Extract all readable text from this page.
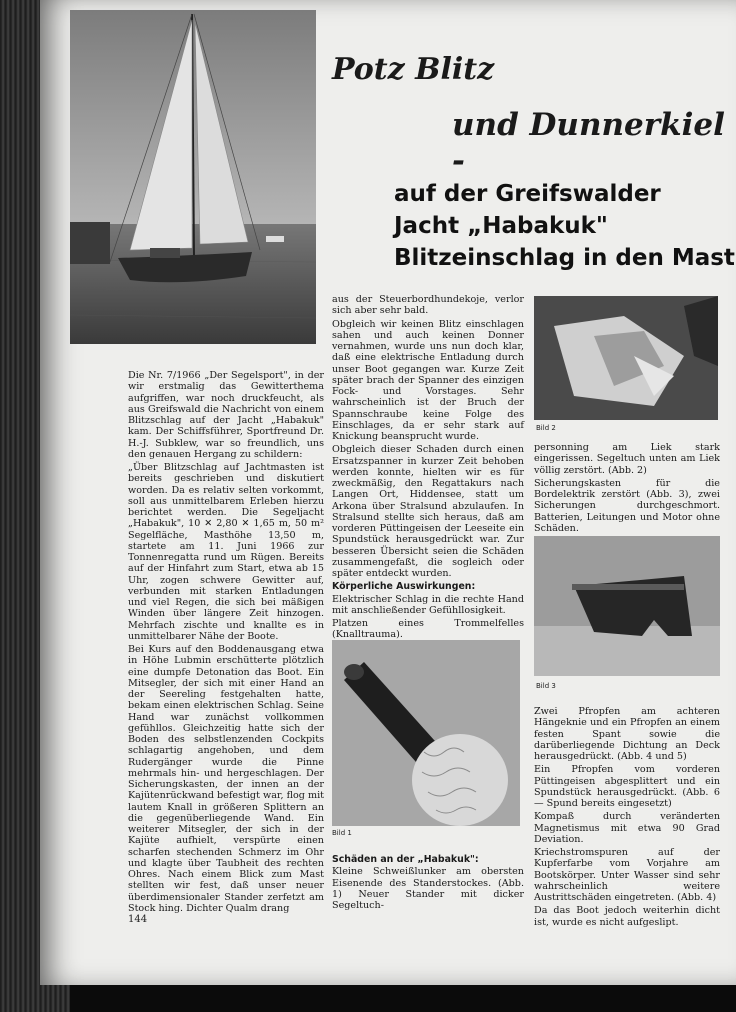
Potz Blitz
und Dunnerkiel -
auf der Greifswalder
Jacht „Habakuk"
Blitzeinschlag in den Mast

Die Nr. 7/1966 „Der Segelsport", in der wir erstmalig das Gewitterthema aufgriffen, war noch druckfeucht, als aus Greifswald die Nachricht von einem Blitzschlag auf der Jacht „Habakuk" kam. Der Schiffsführer, Sportfreund Dr. H.-J. Subklew, war so freundlich, uns den genauen Hergang zu schildern:

„Über Blitzschlag auf Jachtmasten ist bereits geschrieben und diskutiert worden. Da es relativ selten vorkommt, soll aus unmittelbarem Erleben hierzu berichtet werden. Die Segeljacht „Habakuk", 10 ✕ 2,80 ✕ 1,65 m, 50 m² Segelfläche, Masthöhe 13,50 m, startete am 11. Juni 1966 zur Tonnenregatta rund um Rügen. Bereits auf der Hinfahrt zum Start, etwa ab 15 Uhr, zogen schwere Gewitter auf, verbunden mit starken Entladungen und viel Regen, die sich bei mäßigen Winden über längere Zeit hinzogen. Mehrfach zischte und knallte es in unmittelbarer Nähe der Boote.

Bei Kurs auf den Boddenausgang etwa in Höhe Lubmin erschütterte plötzlich eine dumpfe Detonation das Boot. Ein Mitsegler, der sich mit einer Hand an der Seereling festgehalten hatte, bekam einen elektrischen Schlag. Seine Hand war zunächst vollkommen gefühllos. Gleichzeitig hatte sich der Boden des selbstlenzenden Cockpits schlagartig angehoben, und dem Rudergänger wurde die Pinne mehrmals hin- und hergeschlagen. Der Sicherungskasten, der innen an der Kajütenrückwand befestigt war, flog mit lautem Knall in größeren Splittern an die gegenüberliegende Wand. Ein weiterer Mitsegler, der sich in der Kajüte aufhielt, verspürte einen scharfen stechenden Schmerz im Ohr und klagte über Taubheit des rechten Ohres. Nach einem Blick zum Mast stellten wir fest, daß unser neuer überdimensionaler Stander zerfetzt am Stock hing. Dichter Qualm drang

144

aus der Steuerbordhundekoje, verlor sich aber sehr bald.

Obgleich wir keinen Blitz einschlagen sahen und auch keinen Donner vernahmen, wurde uns nun doch klar, daß eine elektrische Entladung durch unser Boot gegangen war. Kurze Zeit später brach der Spanner des einzigen Fock- und Vorstages. Sehr wahrscheinlich ist der Bruch der Spannschraube keine Folge des Einschlages, da er sehr stark auf Knickung beansprucht wurde.

Obgleich dieser Schaden durch einen Ersatzspanner in kurzer Zeit behoben werden konnte, hielten wir es für zweckmäßig, den Regattakurs nach Langen Ort, Hiddensee, statt um Arkona über Stralsund abzulaufen. In Stralsund stellte sich heraus, daß am vorderen Püttingeisen der Leeseite ein Spundstück herausgedrückt war. Zur besseren Übersicht seien die Schäden zusammengefaßt, die sogleich oder später entdeckt wurden.

Körperliche Auswirkungen:

Elektrischer Schlag in die rechte Hand mit anschließender Gefühllosigkeit.

Platzen eines Trommelfelles (Knalltrauma).

Bild 1
Schäden an der „Habakuk":

Kleine Schweißlunker am obersten Eisenende des Standerstockes. (Abb. 1) Neuer Stander mit dicker Segeltuch-

Bild 2

personning am Liek stark eingerissen. Segeltuch unten am Liek völlig zerstört. (Abb. 2)

Sicherungskasten für die Bordelektrik zerstört (Abb. 3), zwei Sicherungen durchgeschmort. Batterien, Leitungen und Motor ohne Schäden.

Bild 3

Zwei Pfropfen am achteren Hängeknie und ein Pfropfen an einem festen Spant sowie die darüberliegende Dichtung an Deck herausgedrückt. (Abb. 4 und 5)

Ein Pfropfen vom vorderen Püttingeisen abgesplittert und ein Spundstück herausgedrückt. (Abb. 6 — Spund bereits eingesetzt)

Kompaß durch veränderten Magnetismus mit etwa 90 Grad Deviation.

Kriechstromspuren auf der Kupferfarbe vom Vorjahre am Bootskörper. Unter Wasser sind sehr wahrscheinlich weitere Austrittschäden eingetreten. (Abb. 4)

Da das Boot jedoch weiterhin dicht ist, wurde es nicht aufgeslipt.
